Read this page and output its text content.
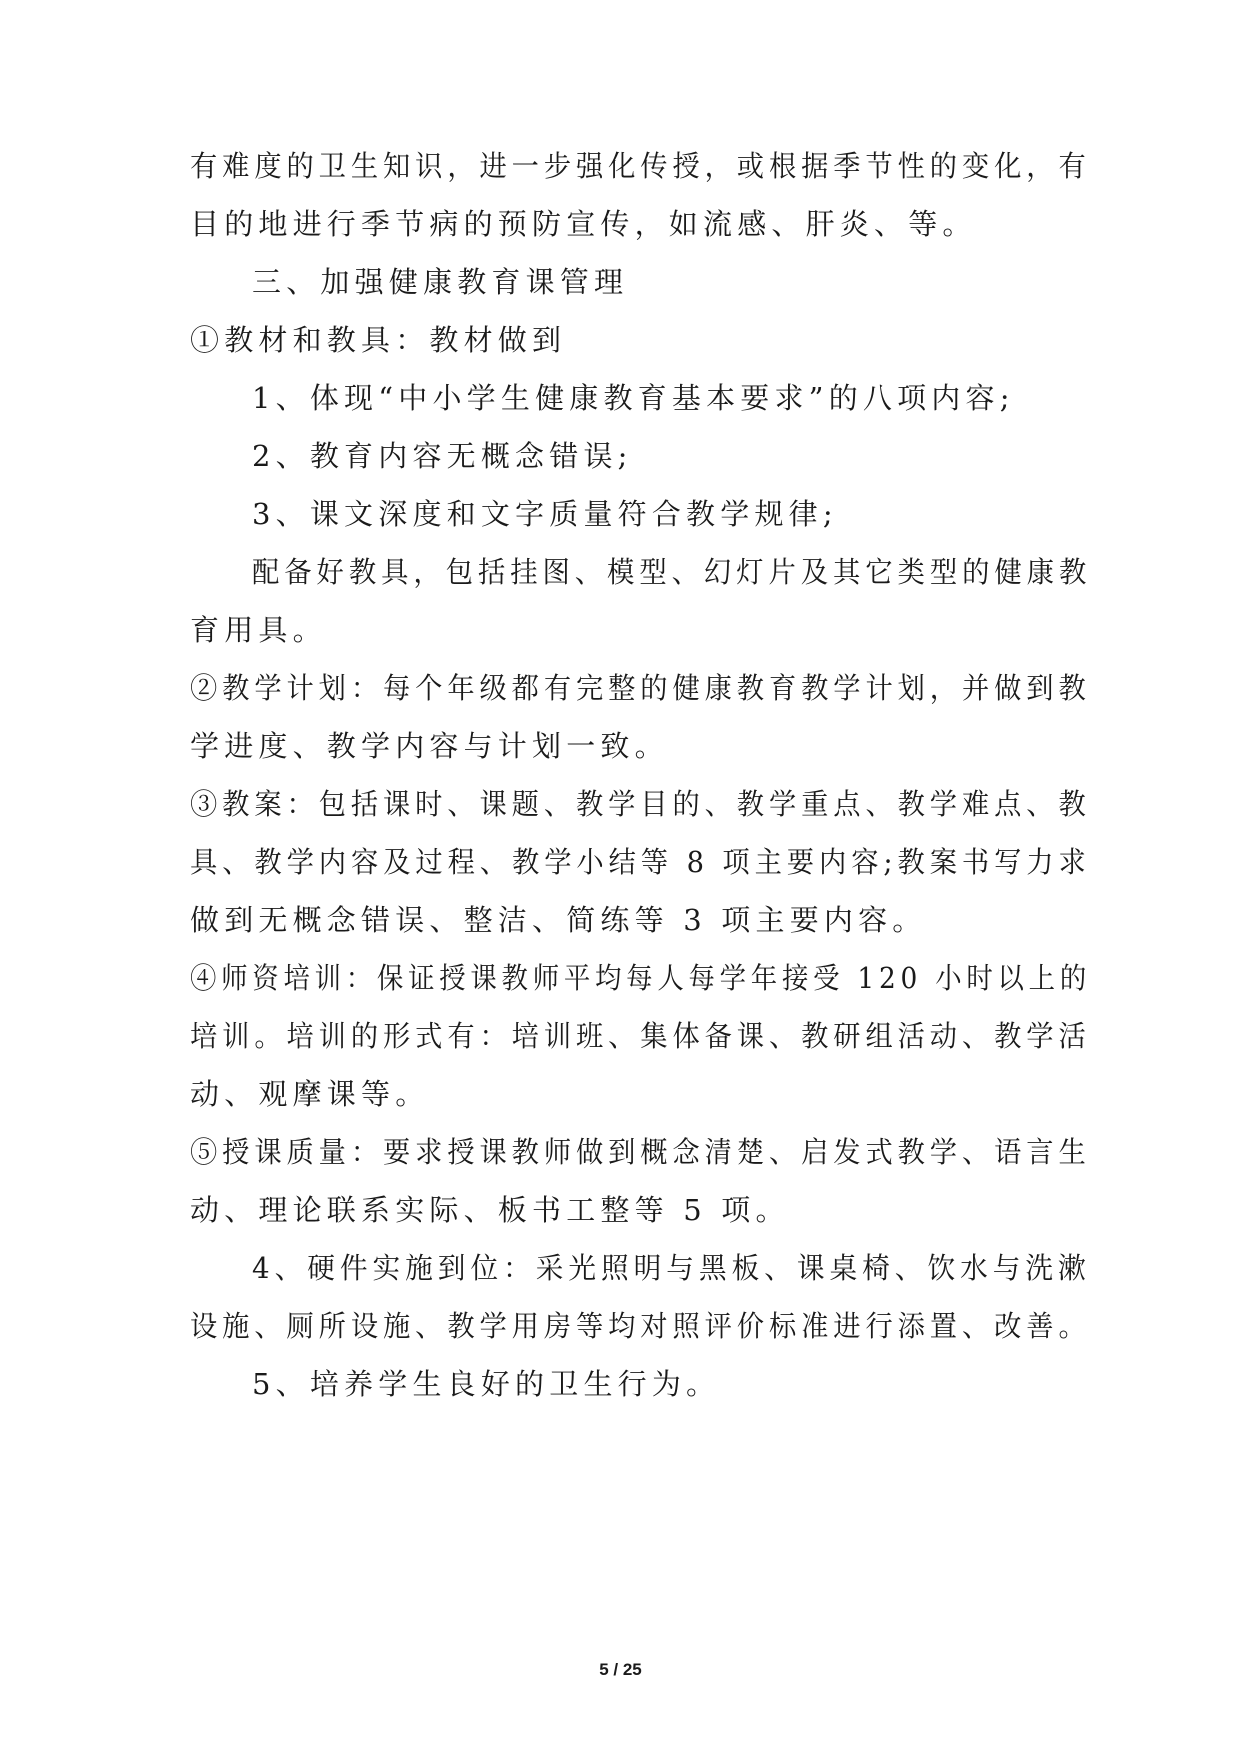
有难度的卫生知识，进一步强化传授，或根据季节性的变化，有
目的地进行季节病的预防宣传，如流感、肝炎、等。
三、加强健康教育课管理
①教材和教具：教材做到
1、体现“中小学生健康教育基本要求”的八项内容;
2、教育内容无概念错误;
3、课文深度和文字质量符合教学规律;
配备好教具，包括挂图、模型、幻灯片及其它类型的健康教
育用具。
②教学计划：每个年级都有完整的健康教育教学计划，并做到教
学进度、教学内容与计划一致。
③教案：包括课时、课题、教学目的、教学重点、教学难点、教
具、教学内容及过程、教学小结等 8 项主要内容;教案书写力求
做到无概念错误、整洁、简练等 3 项主要内容。
④师资培训：保证授课教师平均每人每学年接受 120 小时以上的
培训。培训的形式有：培训班、集体备课、教研组活动、教学活
动、观摩课等。
⑤授课质量：要求授课教师做到概念清楚、启发式教学、语言生
动、理论联系实际、板书工整等 5 项。
4、硬件实施到位：采光照明与黑板、课桌椅、饮水与洗漱
设施、厕所设施、教学用房等均对照评价标准进行添置、改善。
5、培养学生良好的卫生行为。
5 / 25
